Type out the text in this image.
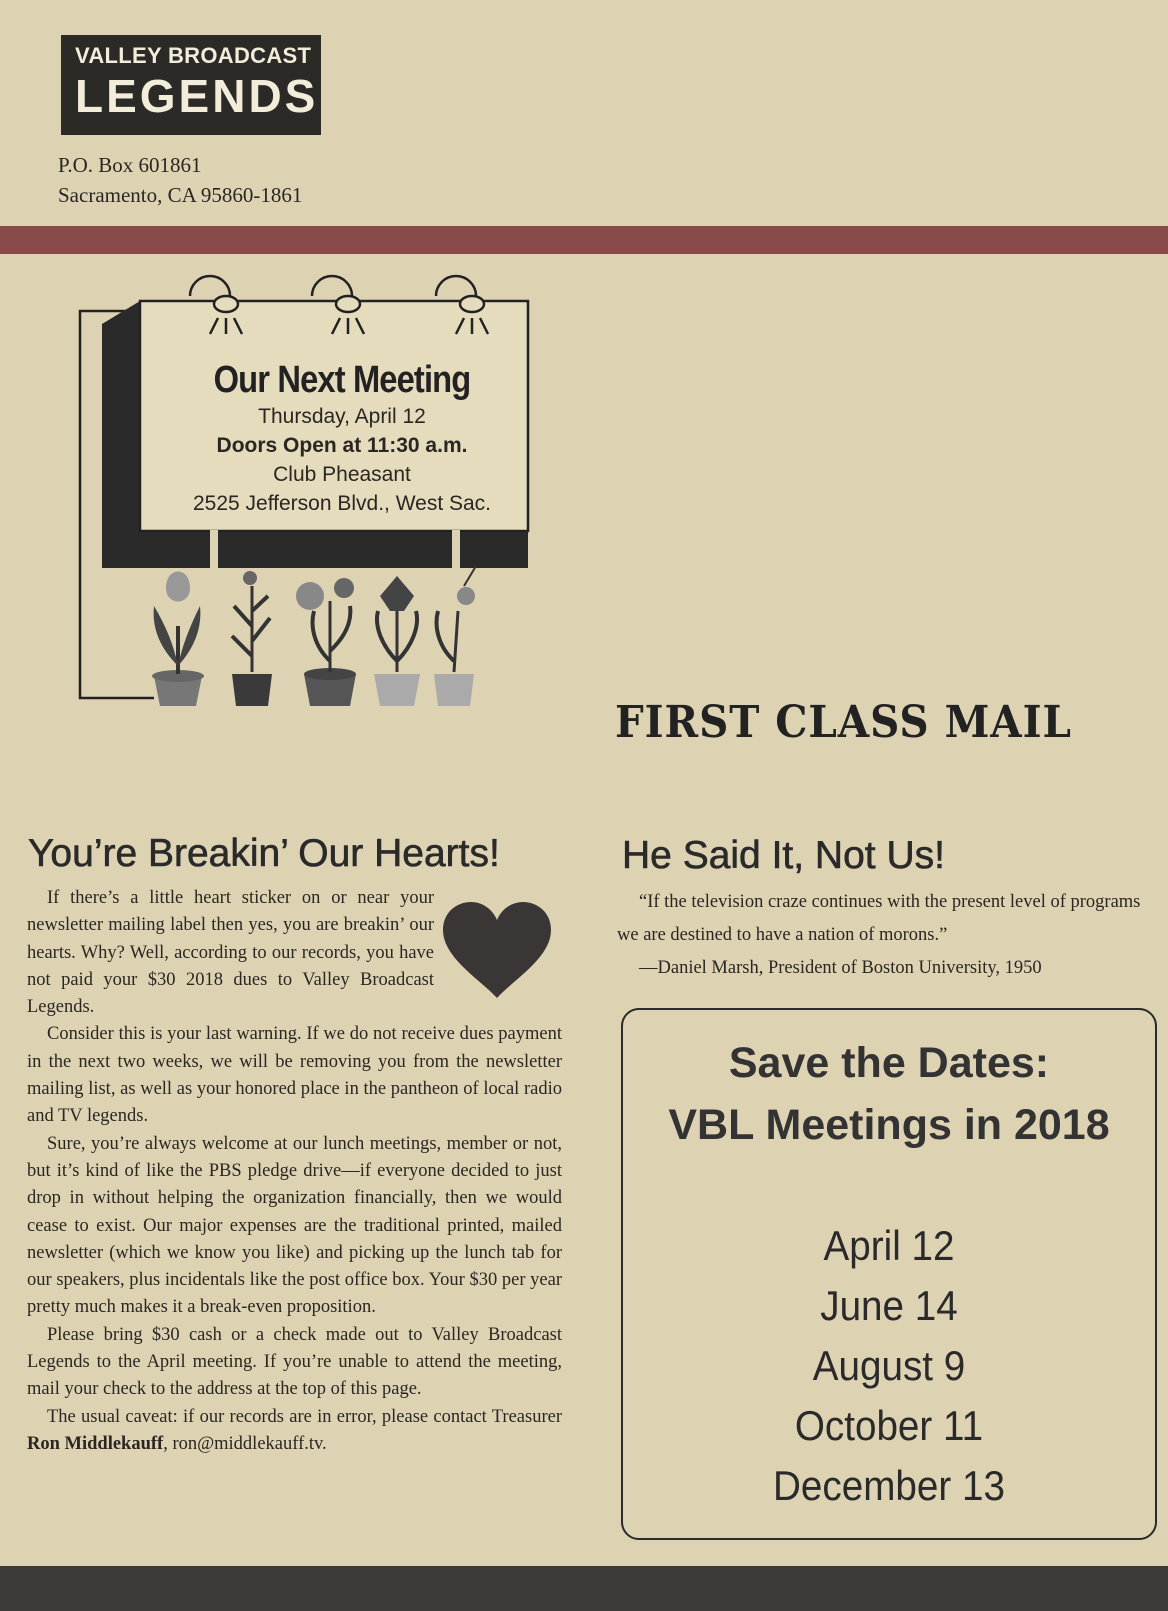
VALLEY BROADCAST
LEGENDS
P.O. Box 601861
Sacramento, CA 95860-1861
Our Next Meeting
Thursday, April 12
Doors Open at 11:30 a.m.
Club Pheasant
2525 Jefferson Blvd., West Sac.
FIRST CLASS MAIL
You’re Breakin’ Our Hearts!

If there’s a little heart sticker on or near your newsletter mailing label then yes, you are breakin’ our hearts. Why? Well, according to our records, you have not paid your $30 2018 dues to Valley Broadcast Legends.

Consider this is your last warning. If we do not receive dues payment in the next two weeks, we will be removing you from the newsletter mailing list, as well as your honored place in the pantheon of local radio and TV legends.

Sure, you’re always welcome at our lunch meetings, member or not, but it’s kind of like the PBS pledge drive—if everyone decided to just drop in without helping the organization financially, then we would cease to exist. Our major expenses are the traditional printed, mailed newsletter (which we know you like) and picking up the lunch tab for our speakers, plus incidentals like the post office box. Your $30 per year pretty much makes it a break-even proposition.

Please bring $30 cash or a check made out to Valley Broadcast Legends to the April meeting. If you’re unable to attend the meeting, mail your check to the address at the top of this page.

The usual caveat: if our records are in error, please contact Treasurer Ron Middlekauff, ron@middlekauff.tv.

He Said It, Not Us!

“If the television craze continues with the present level of programs we are destined to have a nation of morons.”

—Daniel Marsh, President of Boston University, 1950

Save the Dates:
VBL Meetings in 2018
April 12
June 14
August 9
October 11
December 13
